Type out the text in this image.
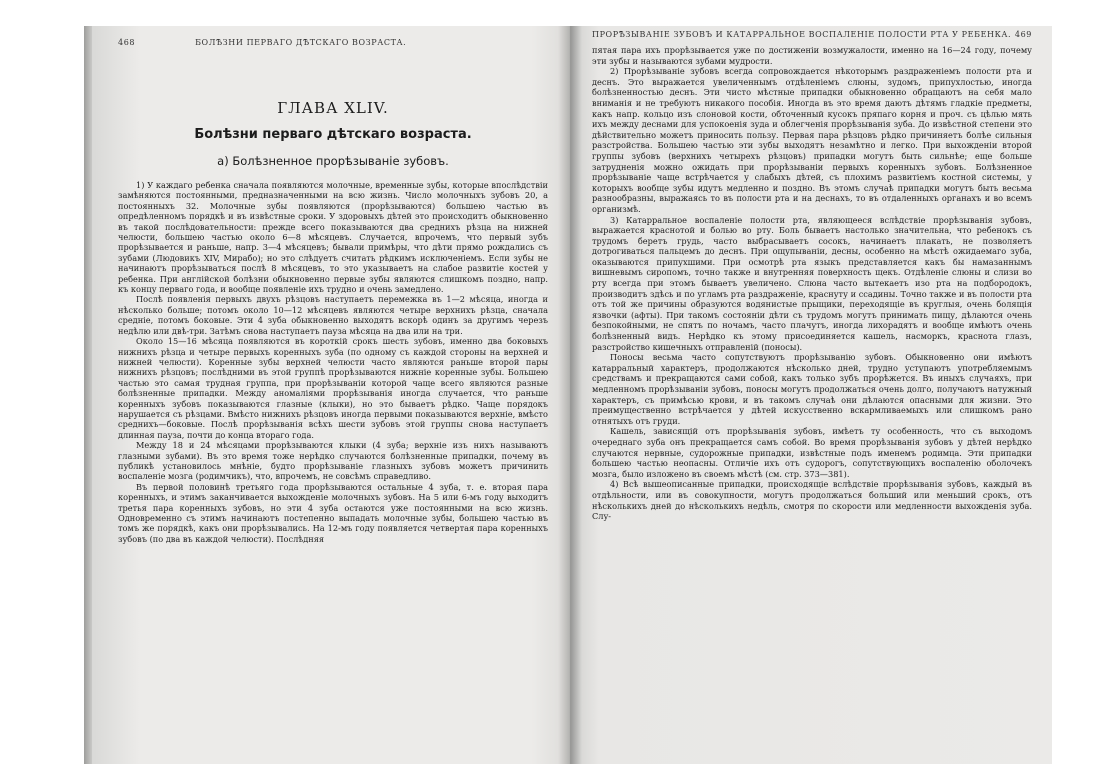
468	БОЛѢЗНИ ПЕРВАГО ДѢТСКАГО ВОЗРАСТА.
ГЛАВА XLIV.
Болѣзни перваго дѣтскаго возраста.
а) Болѣзненное прорѣзываніе зубовъ.

1) У каждаго ребенка сначала появляются молочные, временные зубы, которые впослѣдствіи замѣняются постоянными, предназначенными на всю жизнь. Число молочныхъ зубовъ 20, а постоянныхъ 32. Молочные зубы появляются (прорѣзываются) большею частью въ опредѣленномъ порядкѣ и въ извѣстные сроки. У здоровыхъ дѣтей это происходитъ обыкновенно въ такой послѣдовательности: прежде всего показываются два среднихъ рѣзца на нижней челюсти, большею частью около 6—8 мѣсяцевъ. Случается, впрочемъ, что первый зубъ прорѣзывается и раньше, напр. 3—4 мѣсяцевъ; бывали примѣры, что дѣти прямо рождались съ зубами (Людовикъ XIV, Мирабо); но это слѣдуетъ считать рѣдкимъ исключеніемъ. Если зубы не начинаютъ прорѣзываться послѣ 8 мѣсяцевъ, то это указываетъ на слабое развитіе костей у ребенка. При англійской болѣзни обыкновенно первые зубы являются слишкомъ поздно, напр. къ концу перваго года, и вообще появленіе ихъ трудно и очень замедлено.

Послѣ появленія первыхъ двухъ рѣзцовъ наступаетъ перемежка въ 1—2 мѣсяца, иногда и нѣсколько больше; потомъ около 10—12 мѣсяцевъ являются четыре верхнихъ рѣзца, сначала средніе, потомъ боковые. Эти 4 зуба обыкновенно выходятъ вскорѣ одинъ за другимъ черезъ недѣлю или двѣ-три. Затѣмъ снова наступаетъ пауза мѣсяца на два или на три.

Около 15—16 мѣсяца появляются въ короткій срокъ шесть зубовъ, именно два боковыхъ нижнихъ рѣзца и четыре первыхъ коренныхъ зуба (по одному съ каждой стороны на верхней и нижней челюсти). Коренные зубы верхней челюсти часто являются раньше второй пары нижнихъ рѣзцовъ; послѣдними въ этой группѣ прорѣзываются нижніе коренные зубы. Большею частью это самая трудная группа, при прорѣзываніи которой чаще всего являются разные болѣзненные припадки. Между аномаліями прорѣзыванія иногда случается, что раньше коренныхъ зубовъ показываются глазные (клыки), но это бываетъ рѣдко. Чаще порядокъ нарушается съ рѣзцами. Вмѣсто нижнихъ рѣзцовъ иногда первыми показываются верхніе, вмѣсто среднихъ—боковые. Послѣ прорѣзыванія всѣхъ шести зубовъ этой группы снова наступаетъ длинная пауза, почти до конца втораго года.

Между 18 и 24 мѣсяцами прорѣзываются клыки (4 зуба; верхніе изъ нихъ называютъ глазными зубами). Въ это время тоже нерѣдко случаются болѣзненные припадки, почему въ публикѣ установилось мнѣніе, будто прорѣзываніе глазныхъ зубовъ можетъ причинить воспаленіе мозга (родимчикъ), что, впрочемъ, не совсѣмъ справедливо.

Въ первой половинѣ третьяго года прорѣзываются остальные 4 зуба, т. е. вторая пара коренныхъ, и этимъ заканчивается выхожденіе молочныхъ зубовъ. На 5 или 6-мъ году выходитъ третья пара коренныхъ зубовъ, но эти 4 зуба остаются уже постоянными на всю жизнь. Одновременно съ этимъ начинаютъ постепенно выпадать молочные зубы, большею частью въ томъ же порядкѣ, какъ они прорѣзывались. На 12-мъ году появляется четвертая пара коренныхъ зубовъ (по два въ каждой челюсти). Послѣдняя

ПРОРѢЗЫВАНІЕ ЗУБОВЪ И КАТАРРАЛЬНОЕ ВОСПАЛЕНІЕ ПОЛОСТИ РТА У РЕБЕНКА. 469

пятая пара ихъ прорѣзывается уже по достиженіи возмужалости, именно на 16—24 году, почему эти зубы и называются зубами мудрости.

2) Прорѣзываніе зубовъ всегда сопровождается нѣкоторымъ раздраженіемъ полости рта и деснъ. Это выражается увеличеннымъ отдѣленіемъ слюны, зудомъ, припухлостью, иногда болѣзненностью деснъ. Эти чисто мѣстные припадки обыкновенно обращаютъ на себя мало вниманія и не требуютъ никакого пособія. Иногда въ это время даютъ дѣтямъ гладкіе предметы, какъ напр. кольцо изъ слоновой кости, обточенный кусокъ пряпаго корня и проч. съ цѣлью мять ихъ между деснами для успокоенія зуда и облегченія прорѣзыванія зуба. До извѣстной степени это дѣйствительно можетъ приносить пользу. Первая пара рѣзцовъ рѣдко причиняетъ болѣе сильныя разстройства. Большею частью эти зубы выходятъ незамѣтно и легко. При выхожденіи второй группы зубовъ (верхнихъ четырехъ рѣзцовъ) припадки могутъ быть сильнѣе; еще больше затрудненія можно ожидать при прорѣзываніи первыхъ коренныхъ зубовъ. Болѣзненное прорѣзываніе чаще встрѣчается у слабыхъ дѣтей, съ плохимъ развитіемъ костной системы, у которыхъ вообще зубы идутъ медленно и поздно. Въ этомъ случаѣ припадки могутъ быть весьма разнообразны, выражаясь то въ полости рта и на деснахъ, то въ отдаленныхъ органахъ и во всемъ организмѣ.

3) Катарральное воспаленіе полости рта, являющееся вслѣдствіе прорѣзыванія зубовъ, выражается краснотой и болью во рту. Боль бываетъ настолько значительна, что ребенокъ съ трудомъ беретъ грудь, часто выбрасываетъ сосокъ, начинаетъ плакать, не позволяетъ дотрогиваться пальцемъ до деснъ. При ощупываніи, десны, особенно на мѣстѣ ожидаемаго зуба, оказываются припухшими. При осмотрѣ рта языкъ представляется какъ бы намазаннымъ вишневымъ сиропомъ, точно также и внутренняя поверхность щекъ. Отдѣленіе слюны и слизи во рту всегда при этомъ бываетъ увеличено. Слюна часто вытекаетъ изо рта на подбородокъ, производитъ здѣсь и по угламъ рта раздраженіе, краснуту и ссадины. Точно также и въ полости рта отъ той же причины образуются водянистые прыщики, переходящіе въ круглыя, очень болящія язвочки (афты). При такомъ состояніи дѣти съ трудомъ могутъ принимать пищу, дѣлаются очень безпокойными, не спятъ по ночамъ, часто плачутъ, иногда лихорадятъ и вообще имѣютъ очень болѣзненный видъ. Нерѣдко къ этому присоединяется кашель, насморкъ, краснота глазъ, разстройство кишечныхъ отправленій (поносы).

Поносы весьма часто сопутствуютъ прорѣзыванію зубовъ. Обыкновенно они имѣютъ катарральный характеръ, продолжаются нѣсколько дней, трудно уступаютъ употребляемымъ средствамъ и прекращаются сами собой, какъ только зубъ прорѣжется. Въ иныхъ случаяхъ, при медленномъ прорѣзываніи зубовъ, поносы могутъ продолжаться очень долго, получаютъ натужный характеръ, съ примѣсью крови, и въ такомъ случаѣ они дѣлаются опасными для жизни. Это преимущественно встрѣчается у дѣтей искусственно вскармливаемыхъ или слишкомъ рано отнятыхъ отъ груди.

Кашель, зависящій отъ прорѣзыванія зубовъ, имѣетъ ту особенность, что съ выходомъ очереднаго зуба онъ прекращается самъ собой. Во время прорѣзыванія зубовъ у дѣтей нерѣдко случаются нервные, судорожные припадки, извѣстные подъ именемъ родимца. Эти припадки большею частью неопасны. Отличіе ихъ отъ судорогъ, сопутствующихъ воспаленію оболочекъ мозга, было изложено въ своемъ мѣстѣ (см. стр. 373—381).

4) Всѣ вышеописанные припадки, происходящіе вслѣдствіе прорѣзыванія зубовъ, каждый въ отдѣльности, или въ совокупности, могутъ продолжаться больший или меньший срокъ, отъ нѣсколькихъ дней до нѣсколькихъ недѣль, смотря по скорости или медленности выхожденія зуба. Слу-
